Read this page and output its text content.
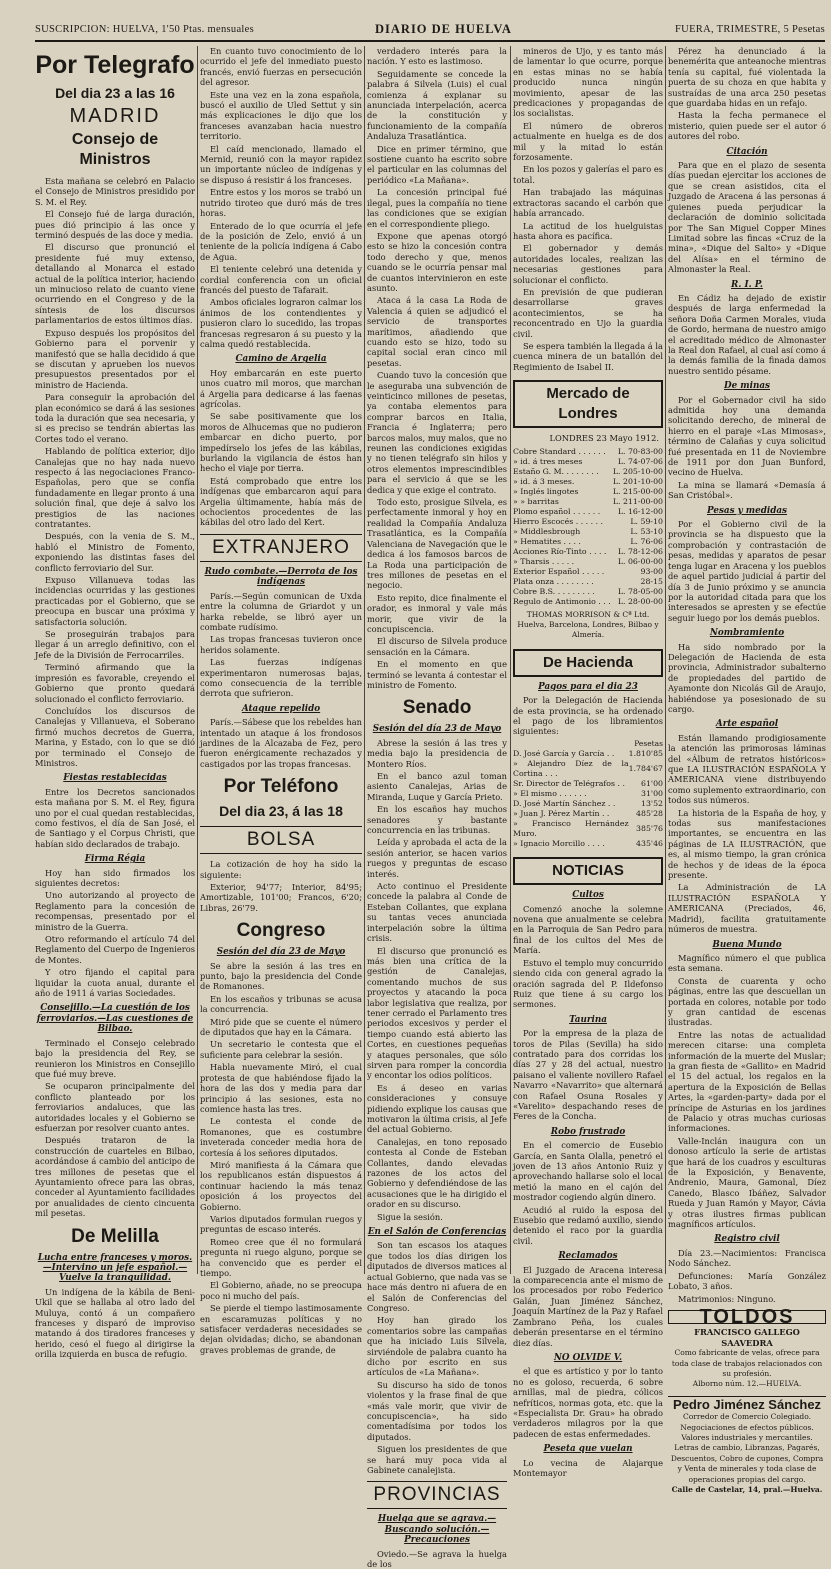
SUSCRIPCION: HUELVA, 1'50 Ptas. mensuales	DIARIO DE HUELVA	FUERA, TRIMESTRE, 5 Pesetas
Por Telegrafo
Del dia 23 a las 16
MADRID
Consejo de Ministros

Esta mañana se celebró en Palacio el Consejo de Ministros presidido por S. M. el Rey.

El Consejo fué de larga duración, pues dió principio á las once y terminó después de las doce y media.

El discurso que pronunció el presidente fué muy extenso, detallando al Monarca el estado actual de la política interior, haciendo un minucioso relato de cuanto viene ocurriendo en el Congreso y de la síntesis de los discursos parlamentarios de estos últimos días.

Expuso después los propósitos del Gobierno para el porvenir y manifestó que se halla decidido á que se discutan y aprueben los nuevos presupuestos presentados por el ministro de Hacienda.

Para conseguir la aprobación del plan económico se dará á las sesiones toda la duración que sea necesaria, y si es preciso se tendrán abiertas las Cortes todo el verano.

Hablando de política exterior, dijo Canalejas que no hay nada nuevo respecto á las negociaciones Franco-Españolas, pero que se confía fundadamente en llegar pronto á una solución final, que deje á salvo los prestigios de las naciones contratantes.

Después, con la venia de S. M., habló el Ministro de Fomento, exponiendo las distintas fases del conflicto ferroviario del Sur.

Expuso Villanueva todas las incidencias ocurridas y las gestiones practicadas por el Gobierno, que se preocupa en buscar una próxima y satisfactoria solución.

Se proseguirán trabajos para llegar á un arreglo definitivo, con el Jefe de la División de Ferrocarriles.

Terminó afirmando que la impresión es favorable, creyendo el Gobierno que pronto quedará solucionado el conflicto ferroviario.

Concluídos los discursos de Canalejas y Villanueva, el Soberano firmó muchos decretos de Guerra, Marina, y Estado, con lo que se dió por terminado el Consejo de Ministros.

Fiestas restablecidas

Entre los Decretos sancionados esta mañana por S. M. el Rey, figura uno por el cual quedan restablecidas, como festivos, el día de San José, el de Santiago y el Corpus Christi, que habían sido declarados de trabajo.

Firma Régia

Hoy han sido firmados los siguientes decretos:

Uno autorizando al proyecto de Reglamento para la concesión de recompensas, presentado por el ministro de la Guerra.

Otro reformando el artículo 74 del Reglamento del Cuerpo de Ingenieros de Montes.

Y otro fijando el capital para liquidar la cuota anual, durante el año de 1911 á varias Sociedades.

Consejillo.—La cuestión de los ferroviarios.—Las cuestiones de Bilbao.

Terminado el Consejo celebrado bajo la presidencia del Rey, se reunieron los Ministros en Consejillo que fué muy breve.

Se ocuparon principalmente del conflicto planteado por los ferroviarios andaluces, que las autoridades locales y el Gobierno se esfuerzan por resolver cuanto antes.

Después trataron de la construcción de cuarteles en Bilbao, acordándose á cambio del anticipo de tres millones de pesetas que el Ayuntamiento ofrece para las obras, conceder al Ayuntamiento facilidades por anualidades de ciento cincuenta mil pesetas.

De Melilla
Lucha entre franceses y moros.—Intervino un jefe español.—Vuelve la tranquilidad.

Un indígena de la kábila de Beni-Ukil que se hallaba al otro lado del Muluya, contó á un compañero franceses y disparó de improviso matando á dos tiradores franceses y herido, cesó el fuego al dirigirse la orilla izquierda en busca de refugio.

En cuanto tuvo conocimiento de lo ocurrido el jefe del inmediato puesto francés, envió fuerzas en persecución del agresor.

Este una vez en la zona española, buscó el auxilio de Uled Settut y sin más explicaciones le dijo que los franceses avanzaban hacia nuestro territorio.

El caíd mencionado, llamado el Mernid, reunió con la mayor rapidez un importante núcleo de indígenas y se dispuso á resistir á los franceses.

Entre estos y los moros se trabó un nutrido tiroteo que duró más de tres horas.

Enterado de lo que ocurría el jefe de la posición de Zelo, envió á un teniente de la policía indígena á Cabo de Agua.

El teniente celebró una detenida y cordial conferencia con un oficial francés del puesto de Tafarait.

Ambos oficiales lograron calmar los ánimos de los contendientes y pusieron claro lo sucedido, las tropas francesas regresaron á su puesto y la calma quedó restablecida.

Camino de Argelia

Hoy embarcarán en este puerto unos cuatro mil moros, que marchan á Argelia para dedicarse á las faenas agrícolas.

Se sabe positivamente que los moros de Alhucemas que no pudieron embarcar en dicho puerto, por impedírselo los jefes de las kábilas, burlando la vigilancia de éstos han hecho el viaje por tierra.

Está comprobado que entre los indígenas que embarcaron aquí para Argelia últimamente, había más de ochocientos procedentes de las kábilas del otro lado del Kert.

EXTRANJERO
Rudo combate.—Derrota de los indígenas

París.—Según comunican de Uxda entre la columna de Griardot y un harka rebelde, se libró ayer un combate rudísimo.

Las tropas francesas tuvieron once heridos solamente.

Las fuerzas indígenas experimentaron numerosas bajas, como consecuencia de la terrible derrota que sufrieron.

Ataque repelido

París.—Sábese que los rebeldes han intentado un ataque á los frondosos jardines de la Alcazaba de Fez, pero fueron enérgicamente rechazados y castigados por las tropas francesas.

Por Teléfono
Del dia 23, á las 18
BOLSA

La cotización de hoy ha sido la siguiente:

Exterior, 94'77; Interior, 84'95; Amortizable, 101'00; Francos, 6'20; Libras, 26'79.

Congreso
Sesión del día 23 de Mayo

Se abre la sesión á las tres en punto, bajo la presidencia del Conde de Romanones.

En los escaños y tribunas se acusa la concurrencia.

Miró pide que se cuente el número de diputados que hay en la Cámara.

Un secretario le contesta que el suficiente para celebrar la sesión.

Habla nuevamente Miró, el cual protesta de que habiéndose fijado la hora de las dos y media para dar principio á las sesiones, esta no comience hasta las tres.

Le contesta el conde de Romanones, que es costumbre inveterada conceder media hora de cortesía á los señores diputados.

Miró manifiesta á la Cámara que los republicanos están dispuestos á continuar haciendo la más tenaz oposición á los proyectos del Gobierno.

Varios diputados formulan ruegos y preguntas de escaso interés.

Romeo cree que él no formulará pregunta ni ruego alguno, porque se ha convencido que es perder el tiempo.

El Gobierno, añade, no se preocupa poco ni mucho del país.

Se pierde el tiempo lastimosamente en escaramuzas políticas y no satisfacer verdaderas necesidades se dejan olvidadas; dicho, se abandonan graves problemas de grande, de

verdadero interés para la nación. Y esto es lastimoso.

Seguidamente se concede la palabra á Silvela (Luis) el cual comienza á explanar su anunciada interpelación, acerca de la constitución y funcionamiento de la compañía Andaluza Trasatlántica.

Dice en primer término, que sostiene cuanto ha escrito sobre el particular en las columnas del periódico «La Mañana».

La concesión principal fué ilegal, pues la compañía no tiene las condiciones que se exigían en el correspondiente pliego.

Expone que apenas otorgó esto se hizo la concesión contra todo derecho y que, menos cuando se le ocurría pensar mal de cuantos intervinieron en este asunto.

Ataca á la casa La Roda de Valencia á quien se adjudicó el servicio de transportes marítimos, añadiendo que cuando esto se hizo, todo su capital social eran cinco mil pesetas.

Cuando tuvo la concesión que le aseguraba una subvención de veinticinco millones de pesetas, ya contaba elementos para comprar barcos en Italia, Francia é Inglaterra; pero barcos malos, muy malos, que no reunen las condiciones exigidas y no tienen telégrafo sin hilos y otros elementos imprescindibles para el servicio á que se les dedica y que exige el contrato.

Todo esto, prosigue Silvela, es perfectamente inmoral y hoy en realidad la Compañía Andaluza Trasatlántica, es la Compañía Valenciana de Navegación que le dedica á los famosos barcos de La Roda una participación de tres millones de pesetas en el negocio.

Esto repito, dice finalmente el orador, es inmoral y vale más morir, que vivir de la concupiscencia.

El discurso de Silvela produce sensación en la Cámara.

En el momento en que terminó se levanta á contestar el ministro de Fomento.

Senado
Sesión del día 23 de Mayo

Abrese la sesión á las tres y media bajo la presidencia de Montero Ríos.

En el banco azul toman asiento Canalejas, Arias de Miranda, Luque y García Prieto.

En los escaños hay muchos senadores y bastante concurrencia en las tribunas.

Leída y aprobada el acta de la sesión anterior, se hacen varios ruegos y preguntas de escaso interés.

Acto continuo el Presidente concede la palabra al Conde de Esteban Collantes, que explana su tantas veces anunciada interpelación sobre la última crisis.

El discurso que pronunció es más bien una crítica de la gestión de Canalejas, comentando muchos de sus proyectos y atacando la poca labor legislativa que realiza, por tener cerrado el Parlamento tres periodos excesivos y perder el tiempo cuando está abierto las Cortes, en cuestiones pequeñas y ataques personales, que sólo sirven para romper la concordia y encontar los odios políticos.

Es á deseo en varias consideraciones y consuye pidiendo explique los causas que motivaron la última crisis, al Jefe del actual Gobierno.

Canalejas, en tono reposado contesta al Conde de Esteban Collantes, dando elevadas razones de los actos del Gobierno y defendiéndose de las acusaciones que le ha dirigido el orador en su discurso.

Sigue la sesión.

En el Salón de Conferencias

Son tan escasos los ataques que todos los días dirigen los diputados de diversos matices al actual Gobierno, que nada vas se hace más dentro ni afuera de en el Salón de Conferencias del Congreso.

Hoy han girado los comentarios sobre las campañas que ha iniciado Luis Silvela, sirviéndole de palabra cuanto ha dicho por escrito en sus artículos de «La Mañana».

Su discurso ha sido de tonos violentos y la frase final de que «más vale morir, que vivir de concupiscencia», ha sido comentadísima por todos los diputados.

Siguen los presidentes de que se hará muy poca vida al Gabinete canalejista.

PROVINCIAS
Huelga que se agrava.—Buscando solución.—Precauciones

Oviedo.—Se agrava la huelga de los

mineros de Ujo, y es tanto más de lamentar lo que ocurre, porque en estas minas no se había producido nunca ningún movimiento, apesar de las predicaciones y propagandas de los socialistas.

El número de obreros actualmente en huelga es de dos mil y la mitad lo están forzosamente.

En los pozos y galerías el paro es total.

Han trabajado las máquinas extractoras sacando el carbón que había arrancado.

La actitud de los huelguistas hasta ahora es pacífica.

El gobernador y demás autoridades locales, realizan las necesarias gestiones para solucionar el conflicto.

En previsión de que pudieran desarrollarse graves acontecimientos, se ha reconcentrado en Ujo la guardia civil.

Se espera también la llegada á la cuenca minera de un batallón del Regimiento de Isabel II.

Mercado de Londres
LONDRES 23 Mayo 1912.
Cobre Standard . . . . . .	L. 70-83-00
» id. á tres meses	L. 74-07-06
Estaño G. M. . . . . . . .	L. 205-10-00
» id. á 3 meses.	L. 201-10-00
» Inglés lingotes	L. 215-00-00
» » barritas	L. 211-00-00
Plomo español . . . . . .	L. 16-12-00
Hierro Escocés . . . . . .	L. 59-10
» Middlesbrough	L. 53-10
» Hematites . . . .	L. 76-06
Acciones Río-Tinto . . . .	L. 78-12-06
» Tharsis . . . . .	L. 06-00-00
Exterior Español . . . . .	93-00
Plata onza . . . . . . . .	28-15
Cobre B.S. . . . . . . . .	L. 78-05-00
Regulo de Antimonio . . .	L. 28-00-00
THOMAS MORRISON & Cª Ltd.
Huelva, Barcelona, Londres, Bilbao y Almería.
De Hacienda
Pagos para el dia 23

Por la Delegación de Hacienda de esta provincia, se ha ordenado el pago de los libramientos siguientes:

Pesetas
D. José García y García . .	1.810'85
» Alejandro Díez de la Cortina . . .	1.784'67
Sr. Director de Telégrafos . .	61'00
» El mismo . . . . . .	31'00
D. José Martín Sánchez . .	13'52
» Juan J. Pérez Martín . .	485'28
» Francisco Hernández Muro.	385'76
» Ignacio Morcillo . . . .	435'46
NOTICIAS
Cultos

Comenzó anoche la solemne novena que anualmente se celebra en la Parroquia de San Pedro para final de los cultos del Mes de María.

Estuvo el templo muy concurrido siendo cida con general agrado la oración sagrada del P. Ildefonso Ruiz que tiene á su cargo los sermones.

Taurina

Por la empresa de la plaza de toros de Pilas (Sevilla) ha sido contratado para dos corridas los días 27 y 28 del actual, nuestro paisano el valiente novillero Rafael Navarro «Navarrito» que alternará con Rafael Osuna Rosales y «Varelito» despachando reses de Feres de la Concha.

Robo frustrado

En el comercio de Eusebio García, en Santa Olalla, penetró el joven de 13 años Antonio Ruiz y aprovechando hallarse solo el local metió la mano en el cajón del mostrador cogiendo algún dinero.

Acudió al ruido la esposa del Eusebio que redamó auxilio, siendo detenido el raco por la guardia civil.

Reclamados

El Juzgado de Aracena interesa la comparecencia ante el mismo de los procesados por robo Federico Galán, Juan Jiménez Sánchez, Joaquín Martínez de la Paz y Rafael Zambrano Peña, los cuales deberán presentarse en el término diez días.

NO OLVIDE V.

el que es artístico y por lo tanto no es goloso, recuerda, 6 sobre arnillas, mal de piedra, cólicos nefríticos, normas gota, etc. que la «Especialista Dr. Grau» ha obrado verdaderos milagros por la que padecen de estas enfermedades.

Peseta que vuelan

Lo vecina de Alajarque Montemayor

Pérez ha denunciado á la benemérita que anteanoche mientras tenía su capital, fué violentada la puerta de su choza en que habita y sustraídas de una arca 250 pesetas que guardaba hidas en un refajo.

Hasta la fecha permanece el misterio, quien puede ser el autor ó autores del robo.

Citación

Para que en el plazo de sesenta días puedan ejercitar los acciones de que se crean asistidos, cita el Juzgado de Aracena á las personas á quienes pueda perjudicar la declaración de dominio solicitada por The San Miguel Copper Mines Limitad sobre las fincas «Cruz de la mina», «Dique del Salto» y «Dique del Alísa» en el término de Almonaster la Real.

R. I. P.

En Cádiz ha dejado de existir después de larga enfermedad la señora Doña Carmen Morales, viuda de Gordo, hermana de nuestro amigo el acreditado médico de Almonaster la Real don Rafael, al cual así como á la demás familia de la finada damos nuestro sentido pésame.

De minas

Por el Gobernador civil ha sido admitida hoy una demanda solicitando derecho, de mineral de hierro en el paraje «Las Mimosas», término de Calañas y cuya solicitud fué presentada en 11 de Noviembre de 1911 por don Juan Bunford, vecino de Huelva.

La mina se llamará «Demasía á San Cristóbal».

Pesas y medidas

Por el Gobierno civil de la provincia se ha dispuesto que la comprobación y contrastación de pesas, medidas y aparatos de pesar tenga lugar en Aracena y los pueblos de aquel partido judicial á partir del día 3 de Junio próximo y se anuncia por la autoridad citada para que los interesados se apresten y se efectúe seguir luego por los demás pueblos.

Nombramiento

Ha sido nombrado por la Delegación de Hacienda de esta provincia, Administrador subalterno de propiedades del partido de Ayamonte don Nicolás Gil de Araujo, habiéndose ya posesionado de su cargo.

Arte español

Están llamando prodigiosamente la atención las primorosas láminas del «Álbum de retratos históricos» que LA ILUSTRACIÓN ESPAÑOLA Y AMERICANA viene distribuyendo como suplemento extraordinario, con todos sus números.

La historia de la España de hoy, y todas sus manifestaciones importantes, se encuentra en las páginas de LA ILUSTRACIÓN, que es, al mismo tiempo, la gran crónica de hechos y de ideas de la época presente.

La Administración de LA ILUSTRACIÓN ESPAÑOLA Y AMERICANA (Preciados, 46, Madrid), facilita gratuitamente números de muestra.

Buena Mundo

Magnífico número el que publica esta semana.

Consta de cuarenta y ocho páginas, entre las que descuellan un portada en colores, notable por todo y gran cantidad de escenas ilustradas.

Entre las notas de actualidad merecen citarse: una completa información de la muerte del Muslar; la gran fiesta de «Gallito» en Madrid el 15 del actual, los regalos en la apertura de la Exposición de Bellas Artes, la «garden-party» dada por el príncipe de Asturias en los jardines de Palacio y otras muchas curiosas informaciones.

Valle-Inclán inaugura con un donoso artículo la serie de artistas que hará de los cuadros y esculturas de la Exposición, y Benavente, Andrenio, Maura, Gamonal, Díez Canedo, Blasco Ibáñez, Salvador Rueda y Juan Ramón y Mayor, Cávia y otras ilustres firmas publican magníficos artículos.

Registro civil

Día 23.—Nacimientos: Francisca Nodo Sánchez.

Defunciones: María González Lobato, 3 años.

Matrimonios: Ninguno.

TOLDOS
FRANCISCO GALLEGO SAAVEDRA
Como fabricante de velas, ofrece para toda clase de trabajos relacionados con su profesión.
Alborno núm. 12.—HUELVA.
Pedro Jiménez Sánchez
Corredor de Comercio Colegiado. Negociaciones de efectos públicos. Valores industriales y mercantiles. Letras de cambio, Libranzas, Pagarés, Descuentos, Cobro de cupones, Compra y Venta de minerales y toda clase de operaciones propias del cargo.
Calle de Castelar, 14, pral.—Huelva.
